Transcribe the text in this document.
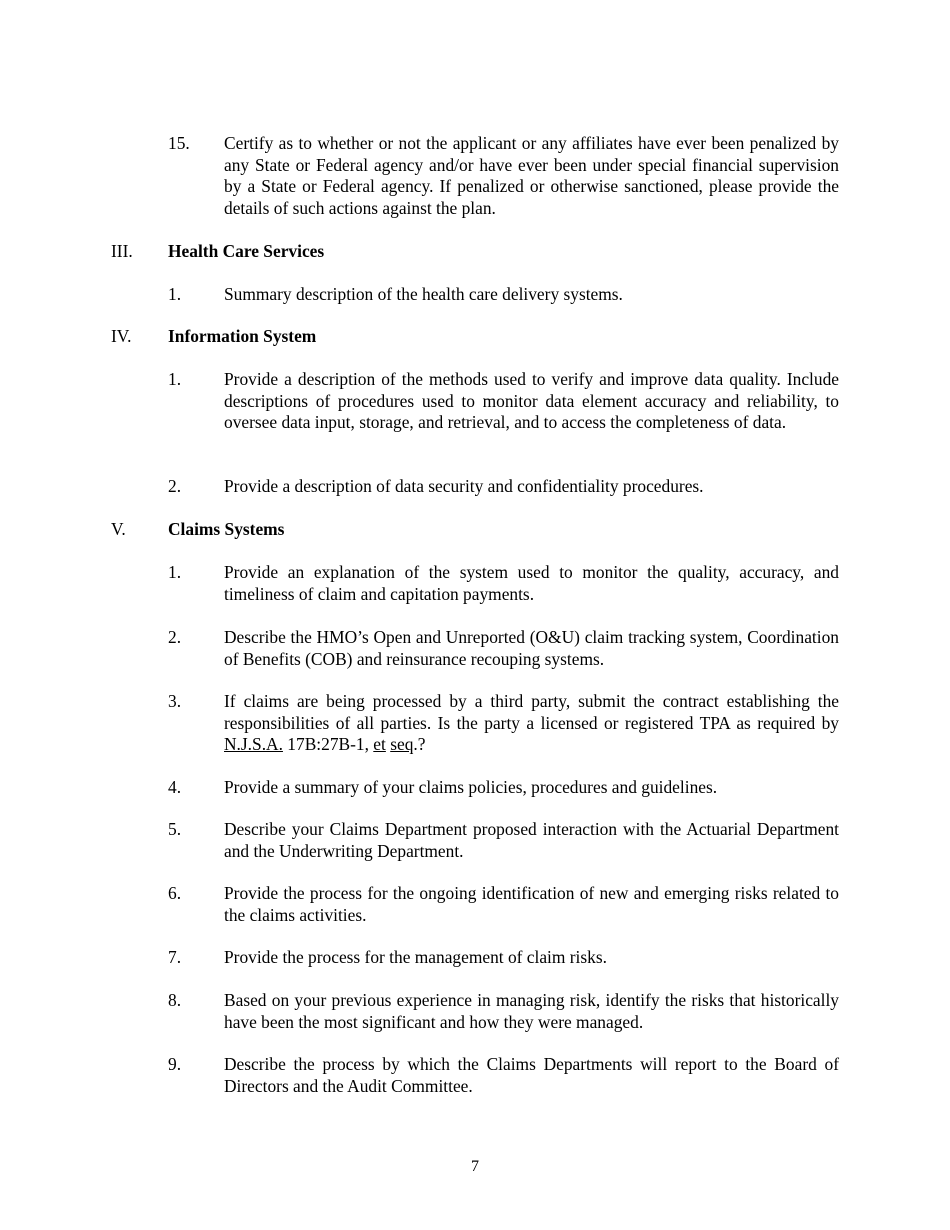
15. Certify as to whether or not the applicant or any affiliates have ever been penalized by any State or Federal agency and/or have ever been under special financial supervision by a State or Federal agency. If penalized or otherwise sanctioned, please provide the details of such actions against the plan.
III. Health Care Services
1. Summary description of the health care delivery systems.
IV. Information System
1. Provide a description of the methods used to verify and improve data quality. Include descriptions of procedures used to monitor data element accuracy and reliability, to oversee data input, storage, and retrieval, and to access the completeness of data.
2. Provide a description of data security and confidentiality procedures.
V. Claims Systems
1. Provide an explanation of the system used to monitor the quality, accuracy, and timeliness of claim and capitation payments.
2. Describe the HMO’s Open and Unreported (O&U) claim tracking system, Coordination of Benefits (COB) and reinsurance recouping systems.
3. If claims are being processed by a third party, submit the contract establishing the responsibilities of all parties. Is the party a licensed or registered TPA as required by N.J.S.A. 17B:27B-1, et seq.?
4. Provide a summary of your claims policies, procedures and guidelines.
5. Describe your Claims Department proposed interaction with the Actuarial Department and the Underwriting Department.
6. Provide the process for the ongoing identification of new and emerging risks related to the claims activities.
7. Provide the process for the management of claim risks.
8. Based on your previous experience in managing risk, identify the risks that historically have been the most significant and how they were managed.
9. Describe the process by which the Claims Departments will report to the Board of Directors and the Audit Committee.
7
